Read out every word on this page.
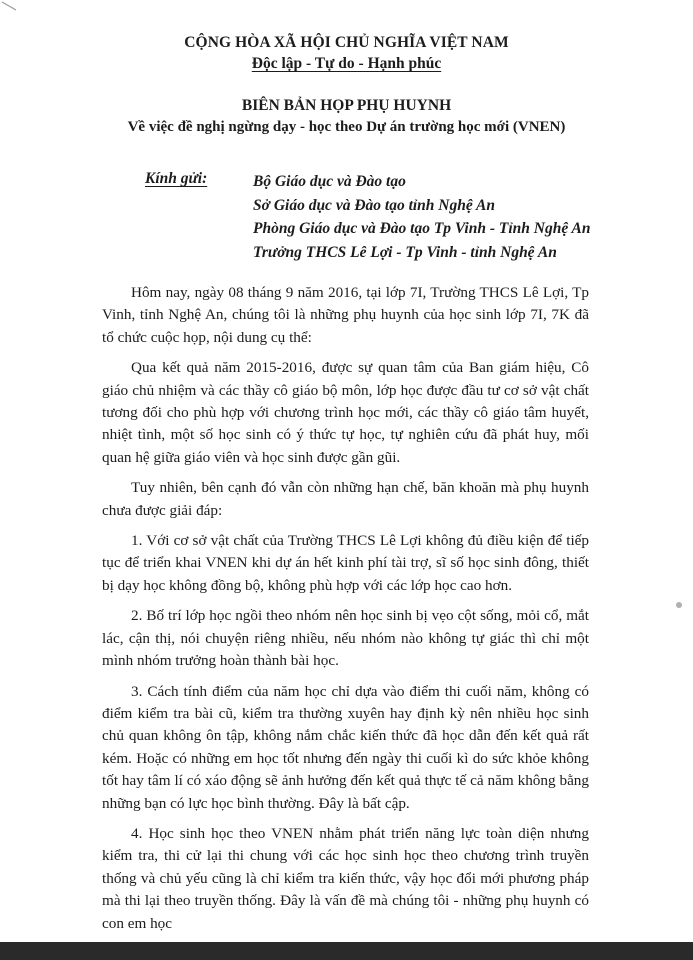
CỘNG HÒA XÃ HỘI CHỦ NGHĨA VIỆT NAM
Độc lập - Tự do - Hạnh phúc
BIÊN BẢN HỌP PHỤ HUYNH
Về việc đề nghị ngừng dạy - học theo Dự án trường học mới (VNEN)
Kính gửi:	Bộ Giáo dục và Đào tạo
Sở Giáo dục và Đào tạo tỉnh Nghệ An
Phòng Giáo dục và Đào tạo Tp Vinh - Tỉnh Nghệ An
Trưởng THCS Lê Lợi - Tp Vinh - tỉnh Nghệ An

Hôm nay, ngày 08 tháng 9 năm 2016, tại lớp 7I, Trường THCS Lê Lợi, Tp Vinh, tỉnh Nghệ An, chúng tôi là những phụ huynh của học sinh lớp 7I, 7K đã tổ chức cuộc họp, nội dung cụ thể:

Qua kết quả năm 2015-2016, được sự quan tâm của Ban giám hiệu, Cô giáo chủ nhiệm và các thầy cô giáo bộ môn, lớp học được đầu tư cơ sở vật chất tương đối cho phù hợp với chương trình học mới, các thầy cô giáo tâm huyết, nhiệt tình, một số học sinh có ý thức tự học, tự nghiên cứu đã phát huy, mối quan hệ giữa giáo viên và học sinh được gần gũi.

Tuy nhiên, bên cạnh đó vẫn còn những hạn chế, băn khoăn mà phụ huynh chưa được giải đáp:

1. Với cơ sở vật chất của Trường THCS Lê Lợi không đủ điều kiện để tiếp tục để triển khai VNEN khi dự án hết kinh phí tài trợ, sĩ số học sinh đông, thiết bị dạy học không đồng bộ, không phù hợp với các lớp học cao hơn.

2. Bố trí lớp học ngồi theo nhóm nên học sinh bị vẹo cột sống, mỏi cổ, mắt lác, cận thị, nói chuyện riêng nhiều, nếu nhóm nào không tự giác thì chỉ một mình nhóm trưởng hoàn thành bài học.

3. Cách tính điểm của năm học chỉ dựa vào điểm thi cuối năm, không có điểm kiểm tra bài cũ, kiểm tra thường xuyên hay định kỳ nên nhiều học sinh chủ quan không ôn tập, không nắm chắc kiến thức đã học dẫn đến kết quả rất kém. Hoặc có những em học tốt nhưng đến ngày thi cuối kì do sức khỏe không tốt hay tâm lí có xáo động sẽ ảnh hưởng đến kết quả thực tế cả năm không bằng những bạn có lực học bình thường. Đây là bất cập.

4. Học sinh học theo VNEN nhằm phát triển năng lực toàn diện nhưng kiểm tra, thi cử lại thi chung với các học sinh học theo chương trình truyền thống và chủ yếu cũng là chỉ kiểm tra kiến thức, vậy học đổi mới phương pháp mà thi lại theo truyền thống. Đây là vấn đề mà chúng tôi - những phụ huynh có con em học
